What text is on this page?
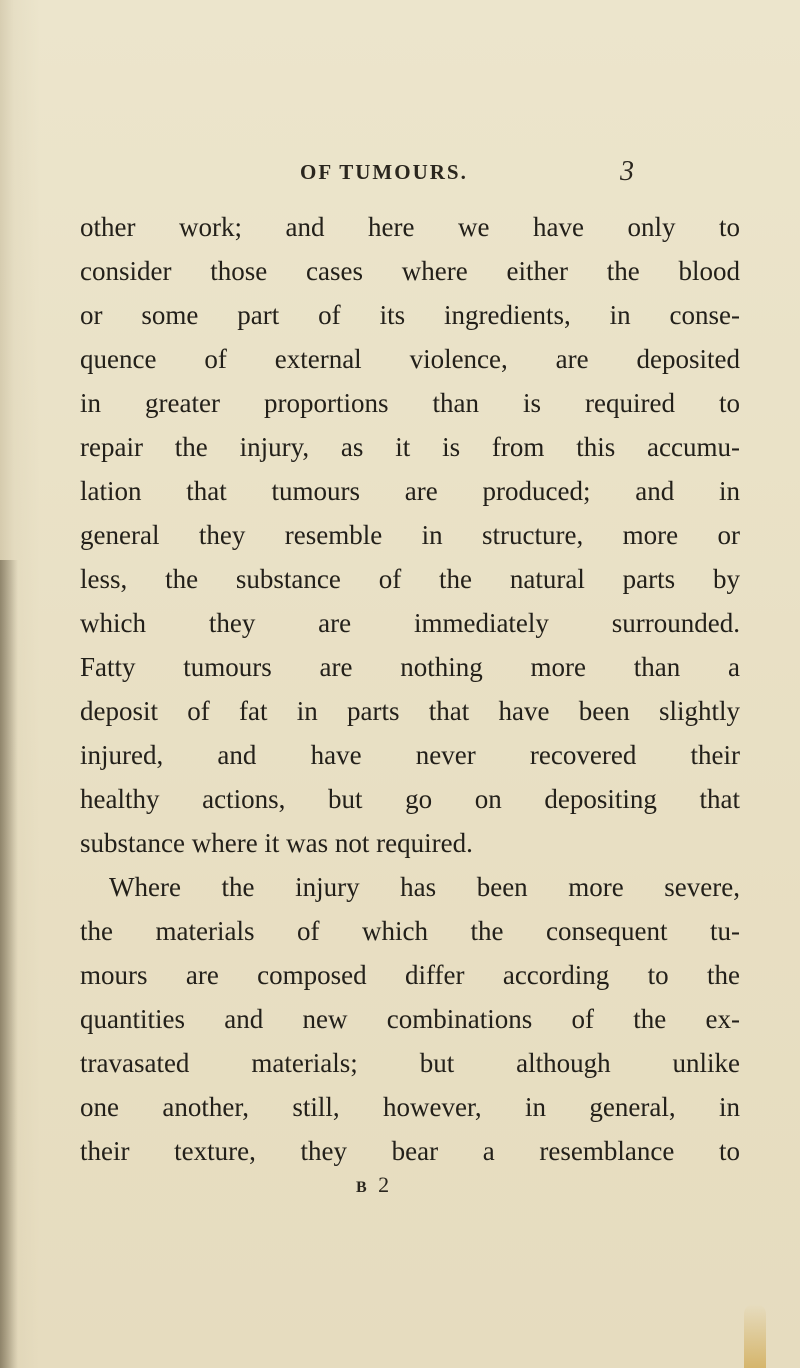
OF TUMOURS.	3
other work; and here we have only to
consider those cases where either the blood
or some part of its ingredients, in conse-
quence of external violence, are deposited
in greater proportions than is required to
repair the injury, as it is from this accumu-
lation that tumours are produced; and in
general they resemble in structure, more or
less, the substance of the natural parts by
which they are immediately surrounded.
Fatty tumours are nothing more than a
deposit of fat in parts that have been slightly
injured, and have never recovered their
healthy actions, but go on depositing that
substance where it was not required.
Where the injury has been more severe,
the materials of which the consequent tu-
mours are composed differ according to the
quantities and new combinations of the ex-
travasated materials; but although unlike
one another, still, however, in general, in
their texture, they bear a resemblance to
B 2
